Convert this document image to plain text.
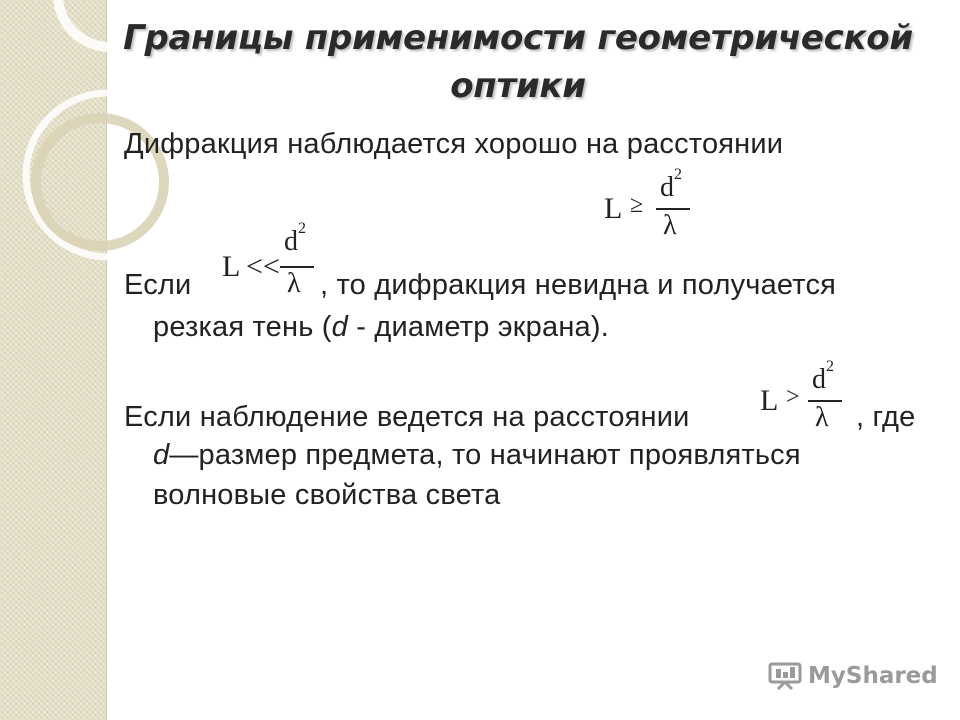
Границы применимости геометрической
оптики
Дифракция наблюдается хорошо на расстоянии
L ≥
$d^2$
λ
Если
L <<
$d^2$
λ , то дифракция невидна и получается
резкая тень (d - диаметр экрана).
Если наблюдение ведется на расстоянии L >
$d^2$
λ , где
d—размер предмета, то начинают проявляться
волновые свойства света
MyShared
